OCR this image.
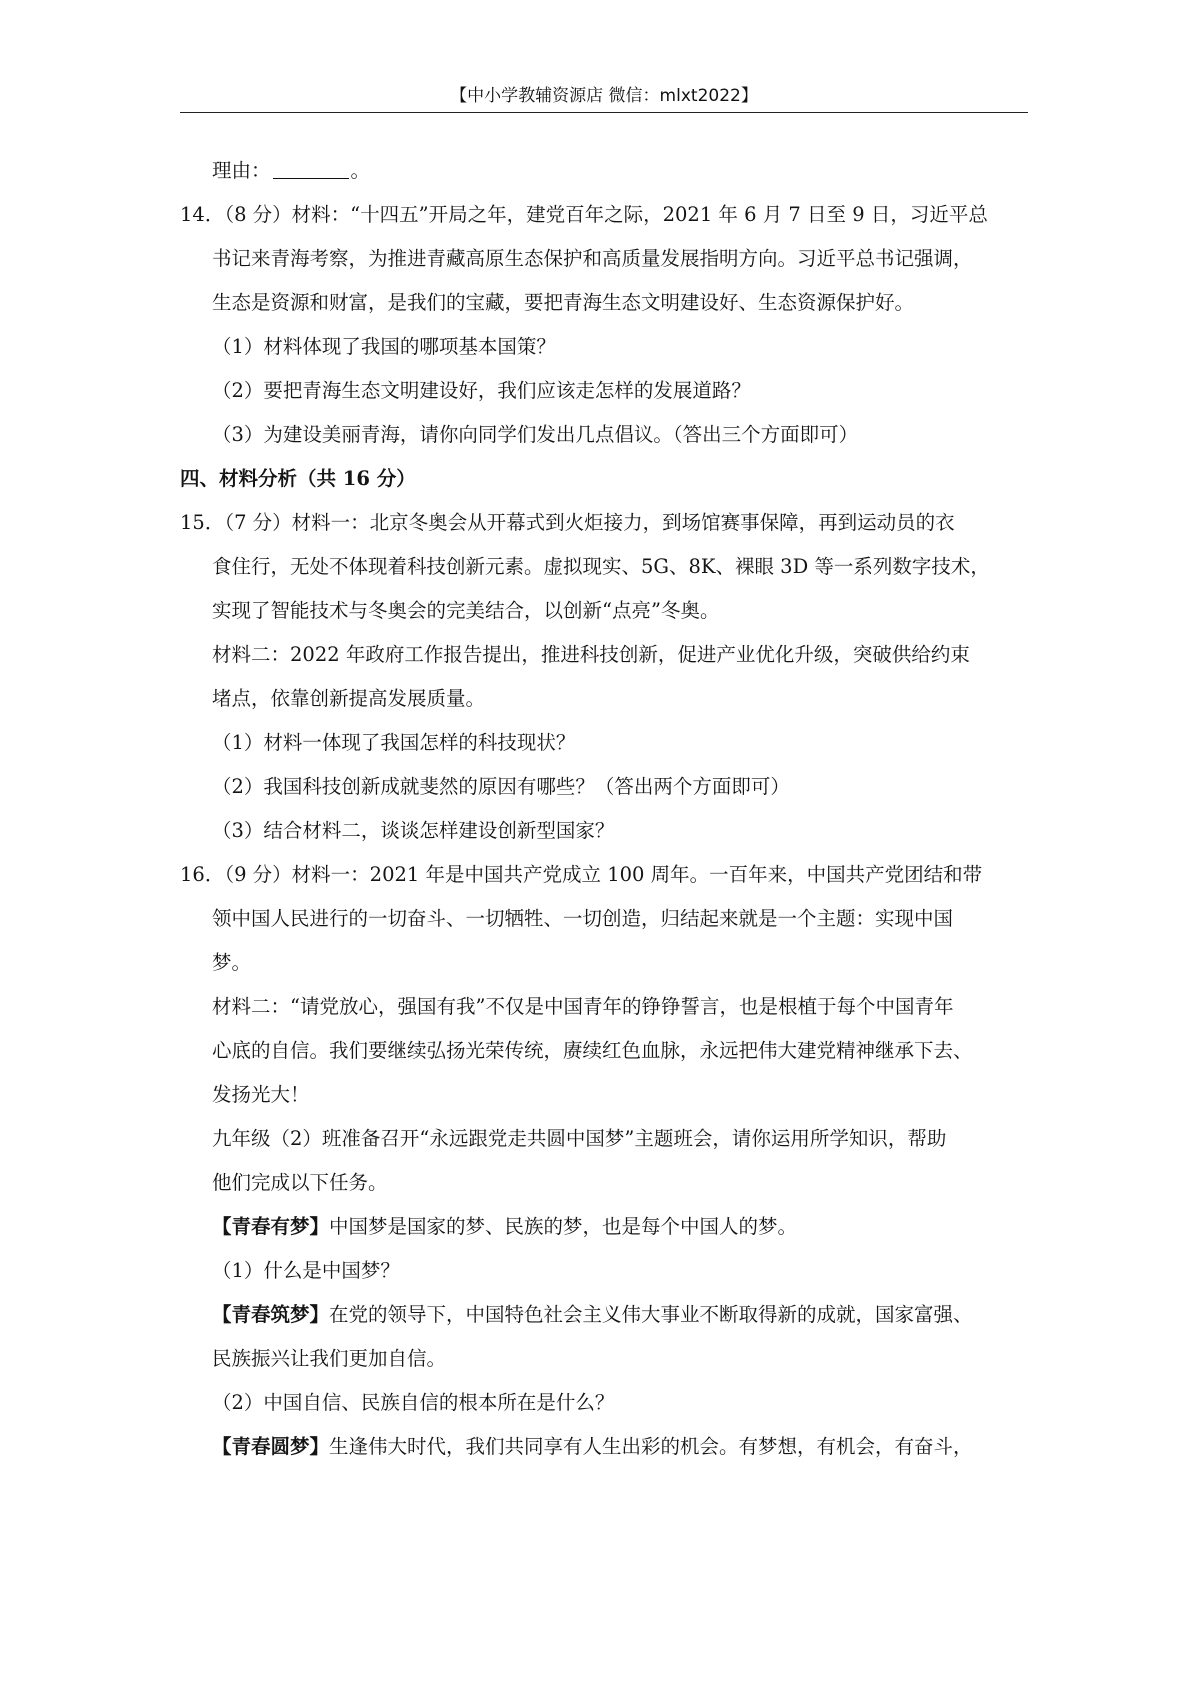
【中小学教辅资源店 微信：mlxt2022】
理由：	。
14．（8 分）材料：“十四五”开局之年，建党百年之际，2021 年 6 月 7 日至 9 日，习近平总
书记来青海考察，为推进青藏高原生态保护和高质量发展指明方向。习近平总书记强调，
生态是资源和财富，是我们的宝藏，要把青海生态文明建设好、生态资源保护好。
（1）材料体现了我国的哪项基本国策？
（2）要把青海生态文明建设好，我们应该走怎样的发展道路？
（3）为建设美丽青海，请你向同学们发出几点倡议。（答出三个方面即可）
四、材料分析（共 16 分）
15．（7 分）材料一：北京冬奥会从开幕式到火炬接力，到场馆赛事保障，再到运动员的衣
食住行，无处不体现着科技创新元素。虚拟现实、5G、8K、裸眼 3D 等一系列数字技术，
实现了智能技术与冬奥会的完美结合，以创新“点亮”冬奥。
材料二：2022 年政府工作报告提出，推进科技创新，促进产业优化升级，突破供给约束
堵点，依靠创新提高发展质量。
（1）材料一体现了我国怎样的科技现状？
（2）我国科技创新成就斐然的原因有哪些？（答出两个方面即可）
（3）结合材料二，谈谈怎样建设创新型国家？
16．（9 分）材料一：2021 年是中国共产党成立 100 周年。一百年来，中国共产党团结和带
领中国人民进行的一切奋斗、一切牺牲、一切创造，归结起来就是一个主题：实现中国
梦。
材料二：“请党放心，强国有我”不仅是中国青年的铮铮誓言，也是根植于每个中国青年
心底的自信。我们要继续弘扬光荣传统，赓续红色血脉，永远把伟大建党精神继承下去、
发扬光大！
九年级（2）班准备召开“永远跟党走共圆中国梦”主题班会，请你运用所学知识，帮助
他们完成以下任务。
【青春有梦】中国梦是国家的梦、民族的梦，也是每个中国人的梦。
（1）什么是中国梦？
【青春筑梦】在党的领导下，中国特色社会主义伟大事业不断取得新的成就，国家富强、
民族振兴让我们更加自信。
（2）中国自信、民族自信的根本所在是什么？
【青春圆梦】生逢伟大时代，我们共同享有人生出彩的机会。有梦想，有机会，有奋斗，
